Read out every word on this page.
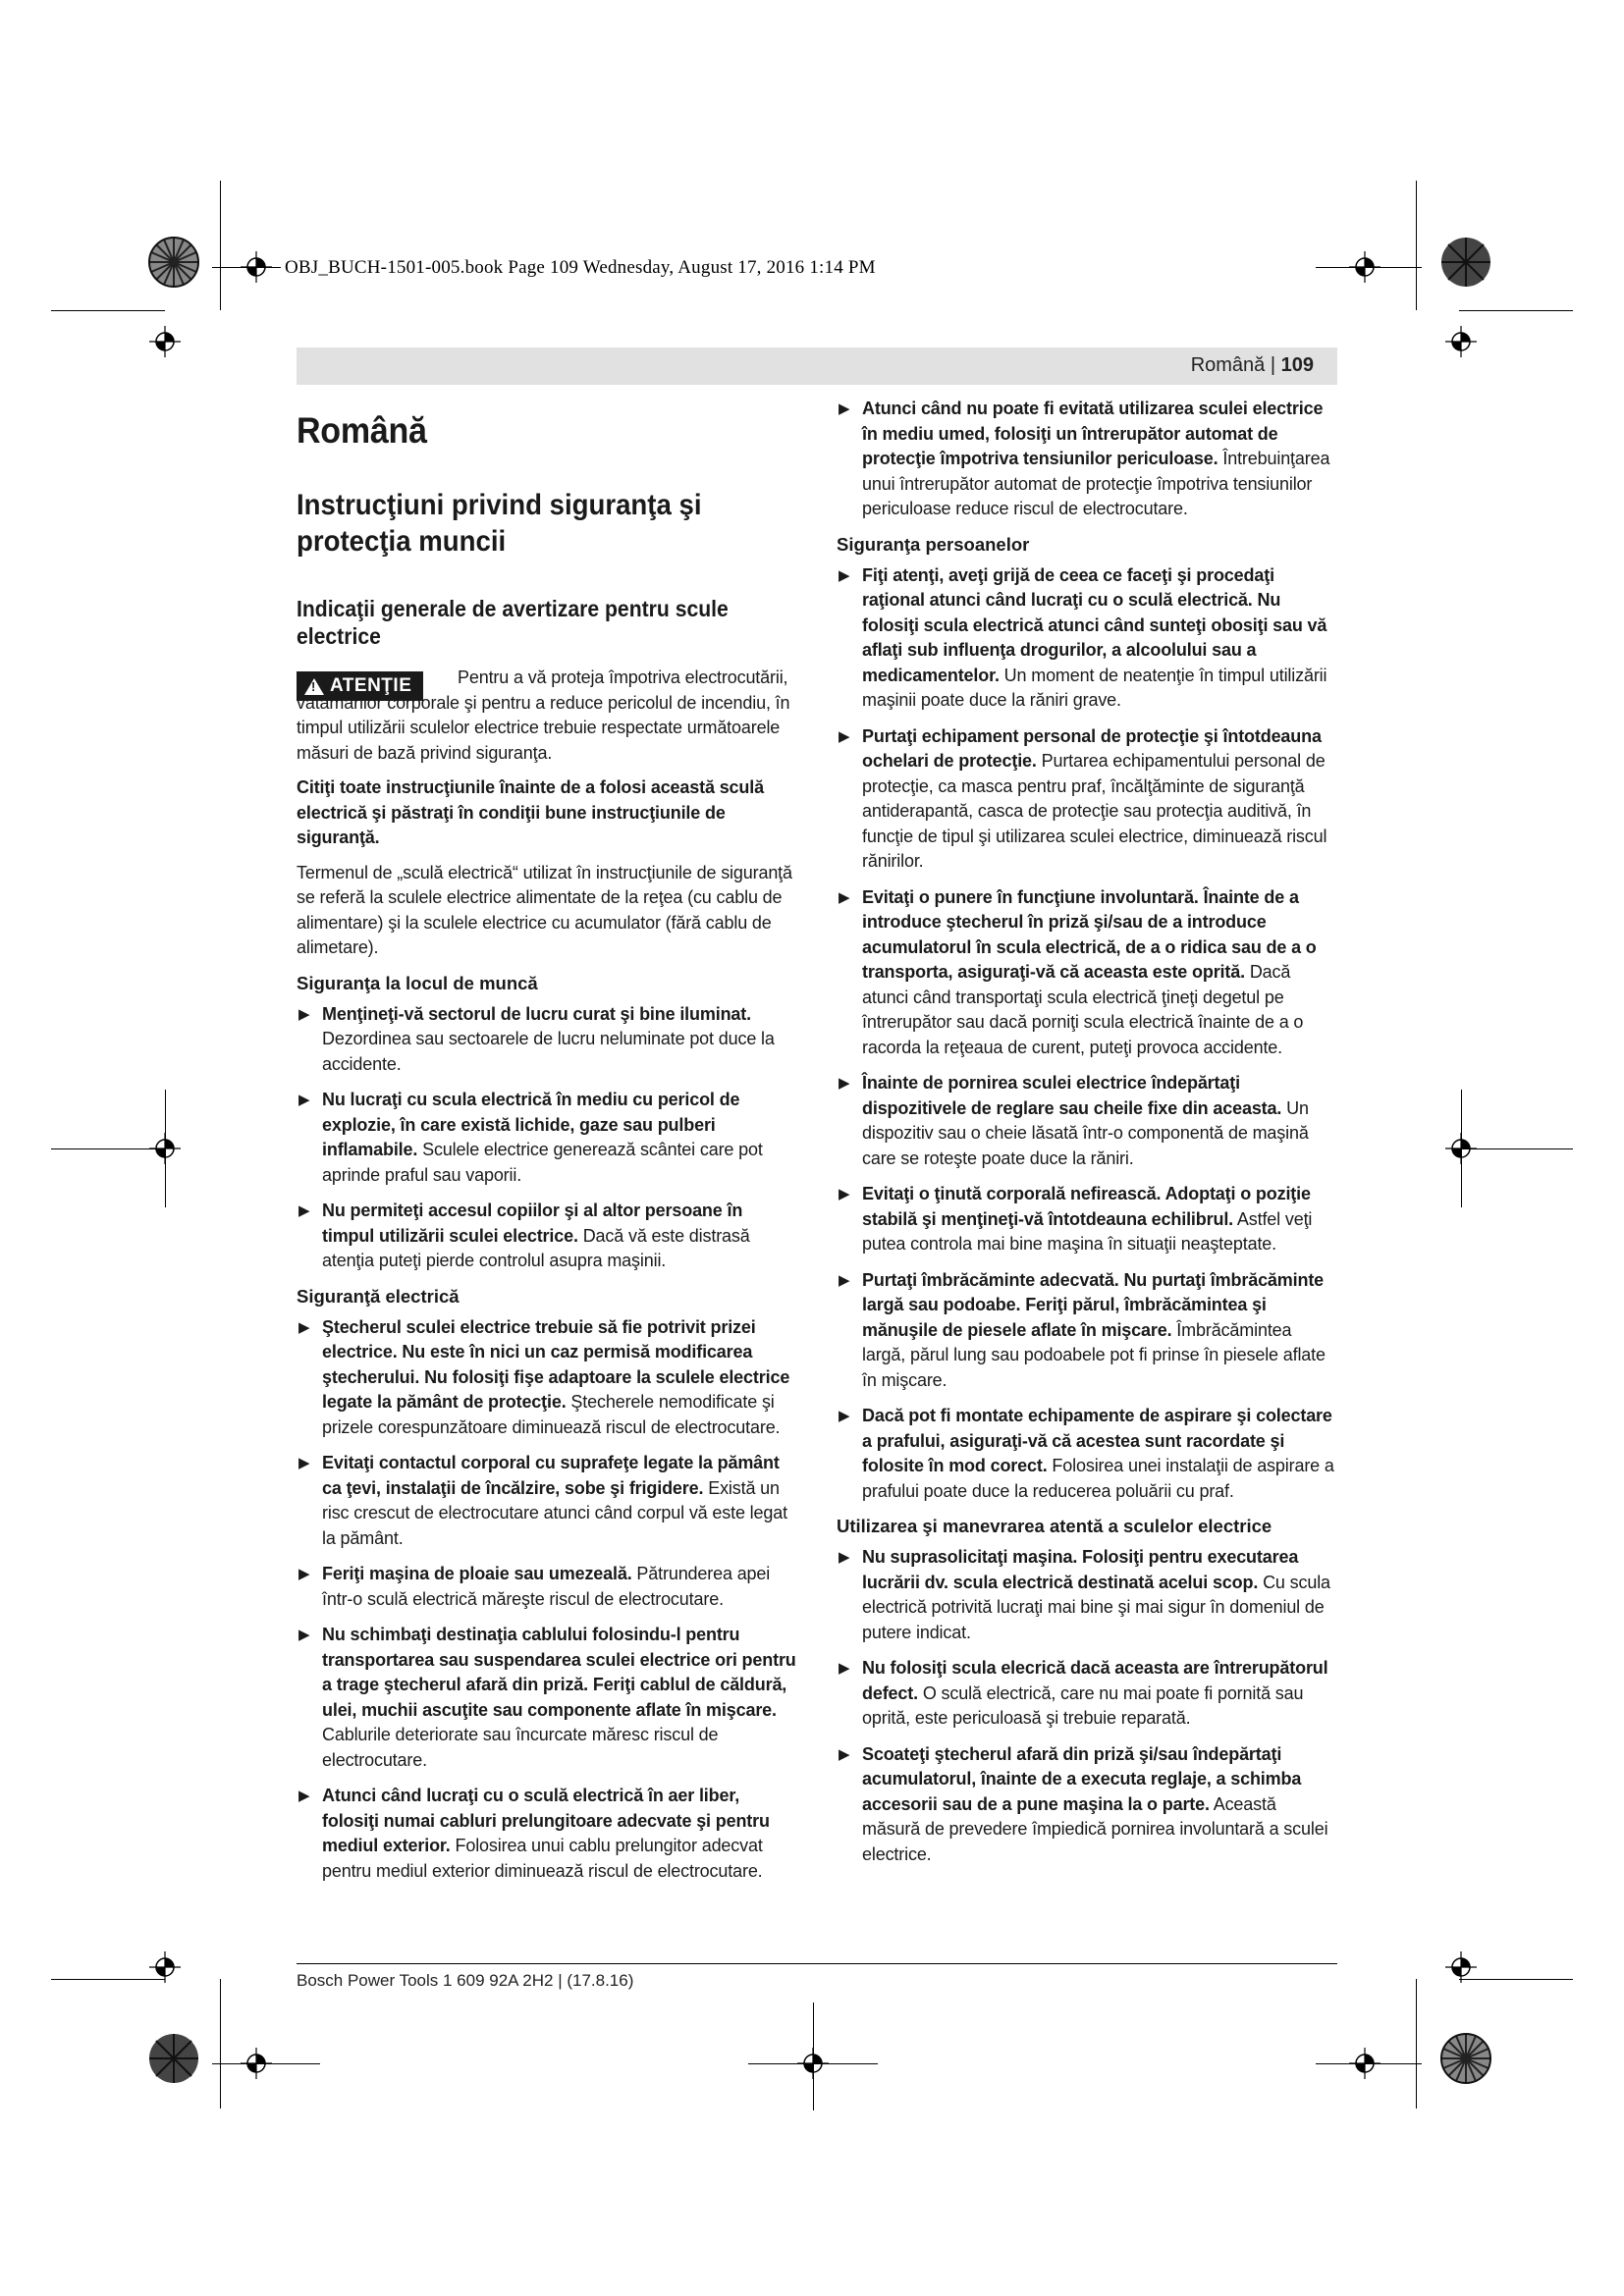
OBJ_BUCH-1501-005.book Page 109 Wednesday, August 17, 2016 1:14 PM
Română | 109
Română
Instrucţiuni privind siguranţa şi protecţia muncii
Indicaţii generale de avertizare pentru scule electrice
!
ATENŢIE	Pentru a vă proteja împotriva electrocutării, vătămărilor corporale şi pentru a reduce pericolul de incendiu, în timpul utilizării sculelor electrice trebuie respectate următoarele măsuri de bază privind siguranţa.

Citiţi toate instrucţiunile înainte de a folosi această sculă electrică şi păstraţi în condiţii bune instrucţiunile de siguranţă.

Termenul de „sculă electrică“ utilizat în instrucţiunile de siguranţă se referă la sculele electrice alimentate de la reţea (cu cablu de alimentare) şi la sculele electrice cu acumulator (fără cablu de alimetare).

Siguranţa la locul de muncă
▶ Menţineţi-vă sectorul de lucru curat şi bine iluminat. Dezordinea sau sectoarele de lucru neluminate pot duce la accidente.
▶ Nu lucraţi cu scula electrică în mediu cu pericol de explozie, în care există lichide, gaze sau pulberi inflamabile. Sculele electrice generează scântei care pot aprinde praful sau vaporii.
▶ Nu permiteţi accesul copiilor şi al altor persoane în timpul utilizării sculei electrice. Dacă vă este distrasă atenţia puteţi pierde controlul asupra maşinii.
Siguranţă electrică
▶ Ştecherul sculei electrice trebuie să fie potrivit prizei electrice. Nu este în nici un caz permisă modificarea ştecherului. Nu folosiţi fişe adaptoare la sculele electrice legate la pământ de protecţie. Ştecherele nemodificate şi prizele corespunzătoare diminuează riscul de electrocutare.
▶ Evitaţi contactul corporal cu suprafeţe legate la pământ ca ţevi, instalaţii de încălzire, sobe şi frigidere. Există un risc crescut de electrocutare atunci când corpul vă este legat la pământ.
▶ Feriţi maşina de ploaie sau umezeală. Pătrunderea apei într-o sculă electrică măreşte riscul de electrocutare.
▶ Nu schimbaţi destinaţia cablului folosindu-l pentru transportarea sau suspendarea sculei electrice ori pentru a trage ştecherul afară din priză. Feriţi cablul de căldură, ulei, muchii ascuţite sau componente aflate în mişcare. Cablurile deteriorate sau încurcate măresc riscul de electrocutare.
▶ Atunci când lucraţi cu o sculă electrică în aer liber, folosiţi numai cabluri prelungitoare adecvate şi pentru mediul exterior. Folosirea unui cablu prelungitor adecvat pentru mediul exterior diminuează riscul de electrocutare.
▶ Atunci când nu poate fi evitată utilizarea sculei electrice în mediu umed, folosiţi un întrerupător automat de protecţie împotriva tensiunilor periculoase. Întrebuinţarea unui întrerupător automat de protecţie împotriva tensiunilor periculoase reduce riscul de electrocutare.
Siguranţa persoanelor
▶ Fiţi atenţi, aveţi grijă de ceea ce faceţi şi procedaţi raţional atunci când lucraţi cu o sculă electrică. Nu folosiţi scula electrică atunci când sunteţi obosiţi sau vă aflaţi sub influenţa drogurilor, a alcoolului sau a medicamentelor. Un moment de neatenţie în timpul utilizării maşinii poate duce la răniri grave.
▶ Purtaţi echipament personal de protecţie şi întotdeauna ochelari de protecţie. Purtarea echipamentului personal de protecţie, ca masca pentru praf, încălţăminte de siguranţă antiderapantă, casca de protecţie sau protecţia auditivă, în funcţie de tipul şi utilizarea sculei electrice, diminuează riscul rănirilor.
▶ Evitaţi o punere în funcţiune involuntară. Înainte de a introduce ştecherul în priză şi/sau de a introduce acumulatorul în scula electrică, de a o ridica sau de a o transporta, asiguraţi-vă că aceasta este oprită. Dacă atunci când transportaţi scula electrică ţineţi degetul pe întrerupător sau dacă porniţi scula electrică înainte de a o racorda la reţeaua de curent, puteţi provoca accidente.
▶ Înainte de pornirea sculei electrice îndepărtaţi dispozitivele de reglare sau cheile fixe din aceasta. Un dispozitiv sau o cheie lăsată într-o componentă de maşină care se roteşte poate duce la răniri.
▶ Evitaţi o ţinută corporală nefirească. Adoptaţi o poziţie stabilă şi menţineţi-vă întotdeauna echilibrul. Astfel veţi putea controla mai bine maşina în situaţii neaşteptate.
▶ Purtaţi îmbrăcăminte adecvată. Nu purtaţi îmbrăcăminte largă sau podoabe. Feriţi părul, îmbrăcămintea şi mănuşile de piesele aflate în mişcare. Îmbrăcămintea largă, părul lung sau podoabele pot fi prinse în piesele aflate în mişcare.
▶ Dacă pot fi montate echipamente de aspirare şi colectare a prafului, asiguraţi-vă că acestea sunt racordate şi folosite în mod corect. Folosirea unei instalaţii de aspirare a prafului poate duce la reducerea poluării cu praf.
Utilizarea şi manevrarea atentă a sculelor electrice
▶ Nu suprasolicitaţi maşina. Folosiţi pentru executarea lucrării dv. scula electrică destinată acelui scop. Cu scula electrică potrivită lucraţi mai bine şi mai sigur în domeniul de putere indicat.
▶ Nu folosiţi scula elecrică dacă aceasta are întrerupătorul defect. O sculă electrică, care nu mai poate fi pornită sau oprită, este periculoasă şi trebuie reparată.
▶ Scoateţi ştecherul afară din priză şi/sau îndepărtaţi acumulatorul, înainte de a executa reglaje, a schimba accesorii sau de a pune maşina la o parte. Această măsură de prevedere împiedică pornirea involuntară a sculei electrice.
Bosch Power Tools 1 609 92A 2H2 | (17.8.16)
